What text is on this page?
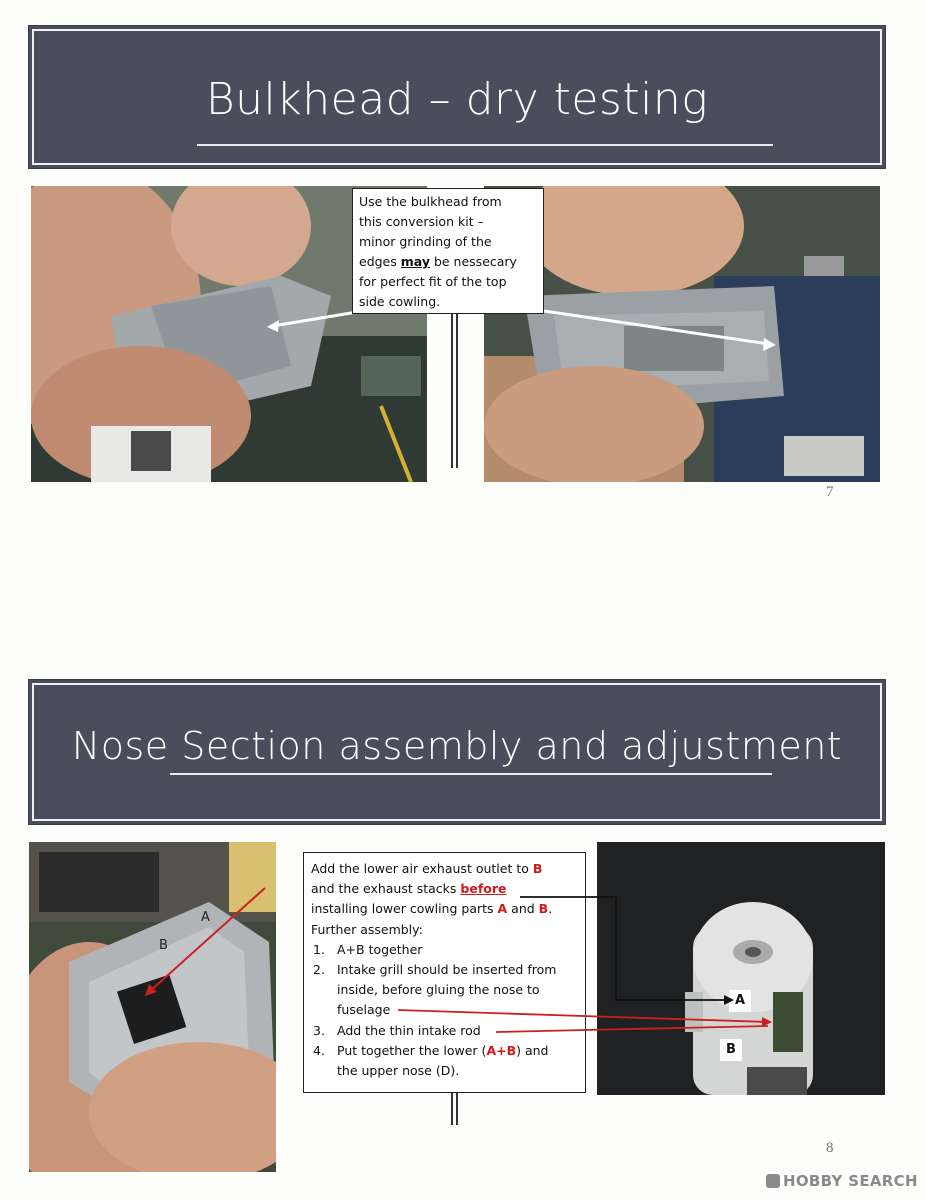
Bulkhead – dry testing

Use the bulkhead from

this conversion kit –

minor grinding of the

edges may be nessecary

for perfect fit of the top

side cowling.

7
Nose Section assembly and adjustment
A
B
A
B

Add the lower air exhaust outlet to B

and the exhaust stacks before

installing lower cowling parts A and B.

Further assembly:

1. A+B together
2. Intake grill should be inserted from
inside, before gluing the nose to
fuselage
3. Add the thin intake rod
4. Put together the lower (A+B) and
the upper nose (D).
8
HOBBY SEARCH
